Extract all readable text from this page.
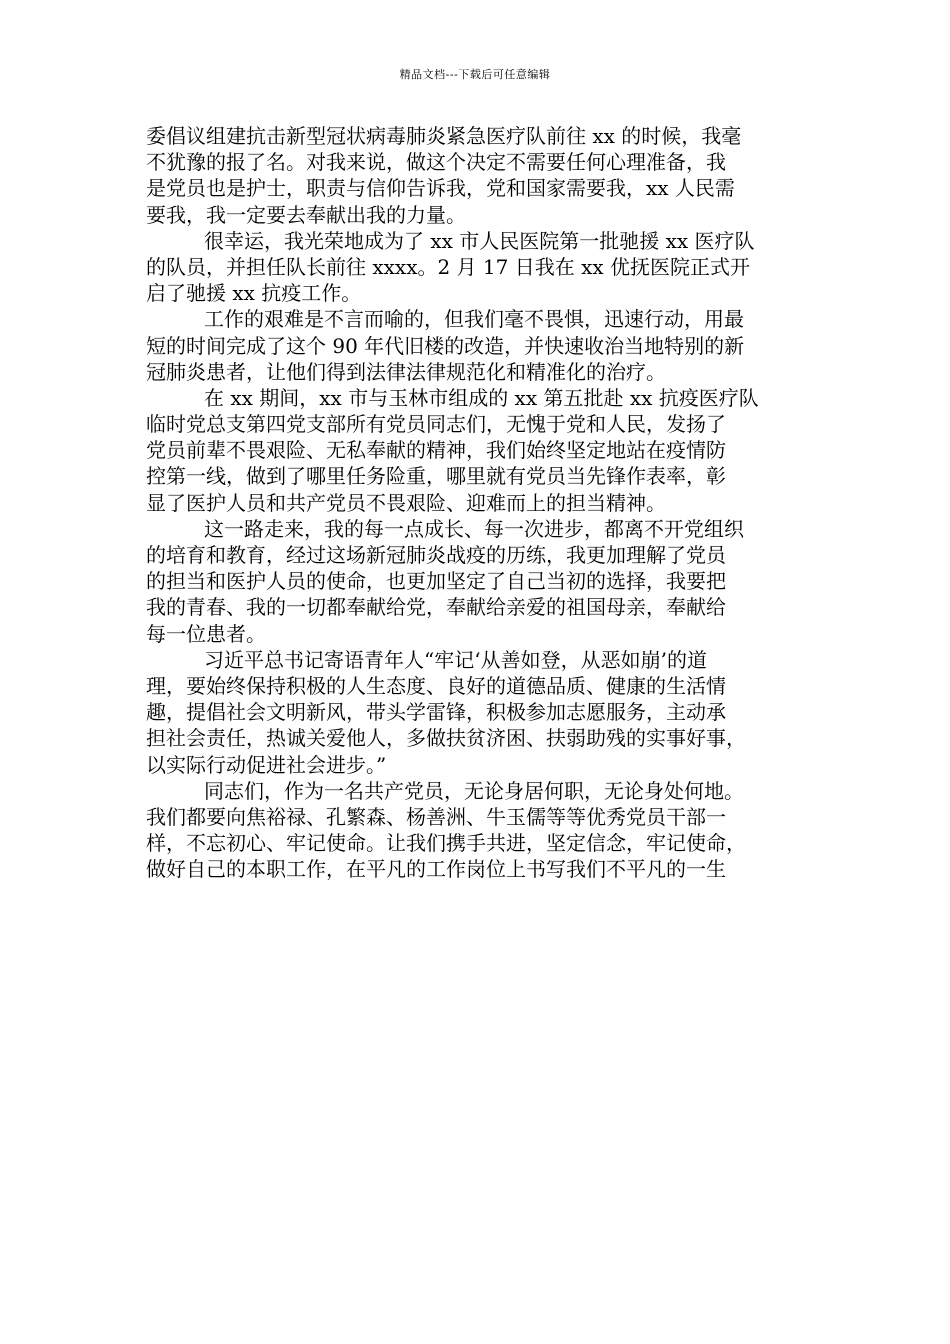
精品文档---下载后可任意编辑
委倡议组建抗击新型冠状病毒肺炎紧急医疗队前往 xx 的时候，我毫
不犹豫的报了名。对我来说，做这个决定不需要任何心理准备，我
是党员也是护士，职责与信仰告诉我，党和国家需要我，xx 人民需
要我，我一定要去奉献出我的力量。
很幸运，我光荣地成为了 xx 市人民医院第一批驰援 xx 医疗队
的队员，并担任队长前往 xxxx。2 月 17 日我在 xx 优抚医院正式开
启了驰援 xx 抗疫工作。
工作的艰难是不言而喻的，但我们毫不畏惧，迅速行动，用最
短的时间完成了这个 90 年代旧楼的改造，并快速收治当地特别的新
冠肺炎患者，让他们得到法律法律规范化和精准化的治疗。
在 xx 期间，xx 市与玉林市组成的 xx 第五批赴 xx 抗疫医疗队
临时党总支第四党支部所有党员同志们，无愧于党和人民，发扬了
党员前辈不畏艰险、无私奉献的精神，我们始终坚定地站在疫情防
控第一线，做到了哪里任务险重，哪里就有党员当先锋作表率，彰
显了医护人员和共产党员不畏艰险、迎难而上的担当精神。
这一路走来，我的每一点成长、每一次进步，都离不开党组织
的培育和教育，经过这场新冠肺炎战疫的历练，我更加理解了党员
的担当和医护人员的使命，也更加坚定了自己当初的选择，我要把
我的青春、我的一切都奉献给党，奉献给亲爱的祖国母亲，奉献给
每一位患者。
习近平总书记寄语青年人“牢记‘从善如登，从恶如崩’的道
理，要始终保持积极的人生态度、良好的道德品质、健康的生活情
趣，提倡社会文明新风，带头学雷锋，积极参加志愿服务，主动承
担社会责任，热诚关爱他人，多做扶贫济困、扶弱助残的实事好事，
以实际行动促进社会进步。”
同志们，作为一名共产党员，无论身居何职，无论身处何地。
我们都要向焦裕禄、孔繁森、杨善洲、牛玉儒等等优秀党员干部一
样，不忘初心、牢记使命。让我们携手共进，坚定信念，牢记使命，
做好自己的本职工作，在平凡的工作岗位上书写我们不平凡的一生
